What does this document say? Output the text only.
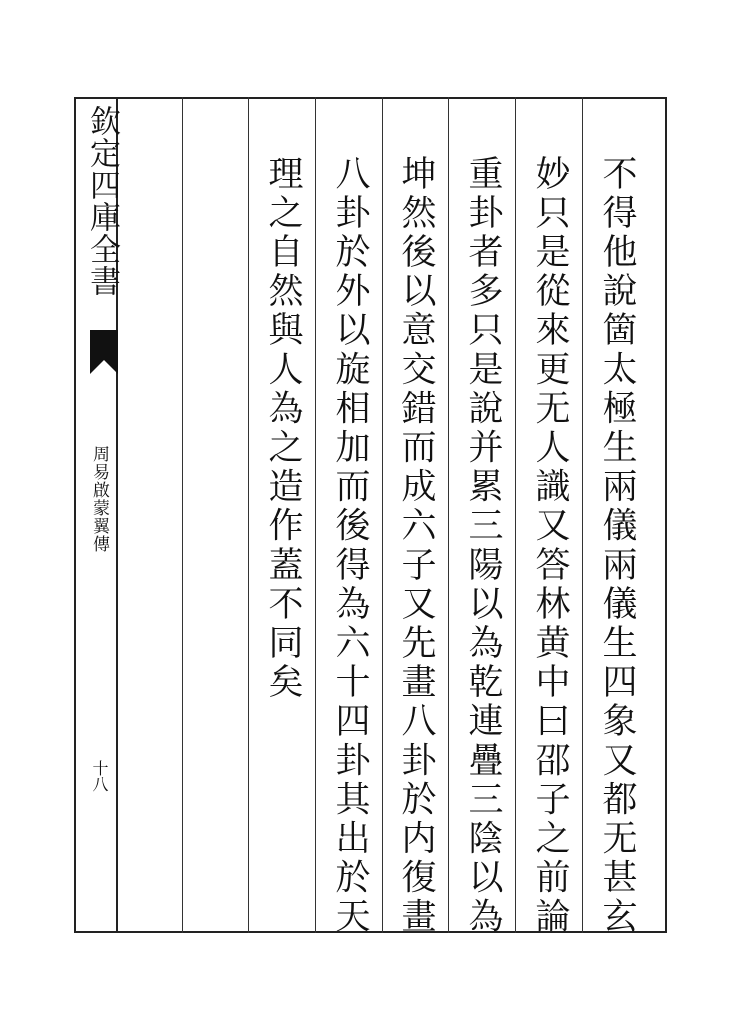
欽定四庫全書
周易啟蒙翼傳
十八	不得他說箇太極生兩儀兩儀生四象又都无甚玄
妙只是從來更无人識又答林黄中曰邵子之前論
重卦者多只是說并累三陽以為乾連疊三陰以為
坤然後以意交錯而成六子又先畫八卦於内復畫
八卦於外以旋相加而後得為六十四卦其出於天
理之自然與人為之造作蓋不同矣
